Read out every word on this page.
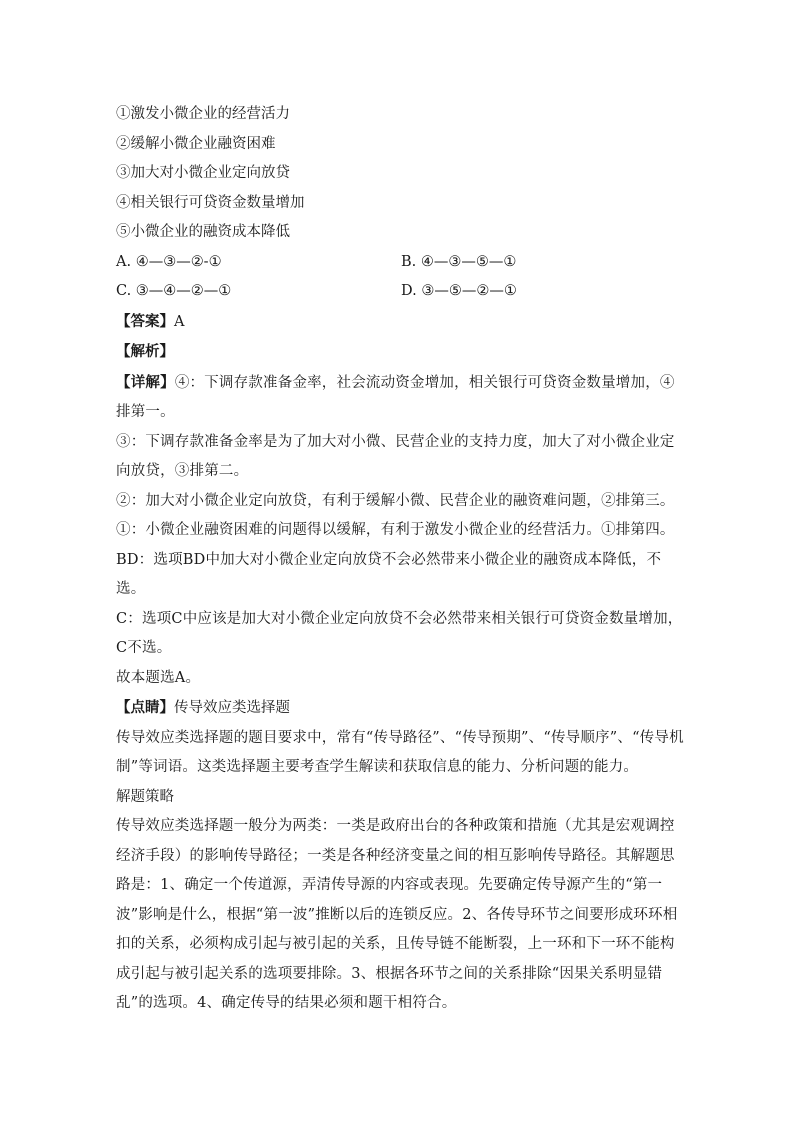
①激发小微企业的经营活力
②缓解小微企业融资困难
③加大对小微企业定向放贷
④相关银行可贷资金数量增加
⑤小微企业的融资成本降低
A. ④—③—②-①	B. ④—③—⑤—①
C. ③—④—②—①	D. ③—⑤—②—①
【答案】A
【解析】
【详解】④：下调存款准备金率，社会流动资金增加，相关银行可贷资金数量增加，④排第一。
③：下调存款准备金率是为了加大对小微、民营企业的支持力度，加大了对小微企业定向放贷，③排第二。
②：加大对小微企业定向放贷，有利于缓解小微、民营企业的融资难问题，②排第三。
①：小微企业融资困难的问题得以缓解，有利于激发小微企业的经营活力。①排第四。
BD：选项BD中加大对小微企业定向放贷不会必然带来小微企业的融资成本降低，不选。
C：选项C中应该是加大对小微企业定向放贷不会必然带来相关银行可贷资金数量增加，C不选。
故本题选A。
【点睛】传导效应类选择题
传导效应类选择题的题目要求中，常有“传导路径”、“传导预期”、“传导顺序”、“传导机制”等词语。这类选择题主要考查学生解读和获取信息的能力、分析问题的能力。
解题策略
传导效应类选择题一般分为两类：一类是政府出台的各种政策和措施（尤其是宏观调控经济手段）的影响传导路径；一类是各种经济变量之间的相互影响传导路径。其解题思路是：1、确定一个传道源，弄清传导源的内容或表现。先要确定传导源产生的“第一波”影响是什么，根据“第一波”推断以后的连锁反应。2、各传导环节之间要形成环环相扣的关系，必须构成引起与被引起的关系，且传导链不能断裂，上一环和下一环不能构成引起与被引起关系的选项要排除。3、根据各环节之间的关系排除“因果关系明显错乱”的选项。4、确定传导的结果必须和题干相符合。
